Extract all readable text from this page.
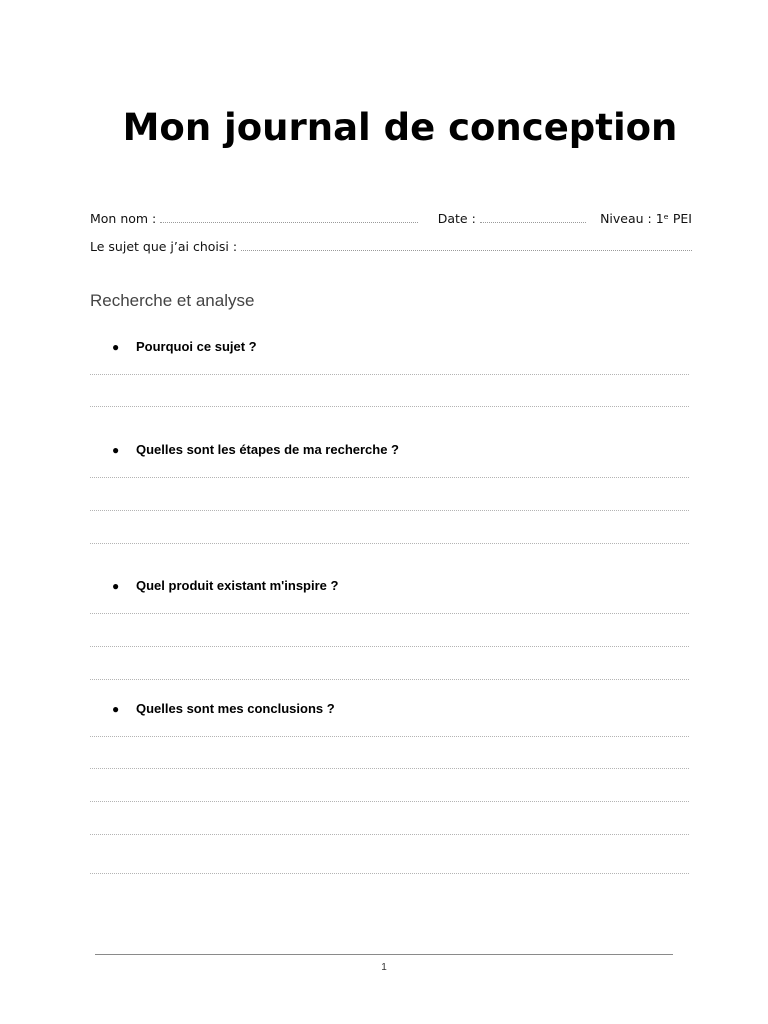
Mon journal de conception
Mon nom :	Date :	Niveau : 1ᵉ PEI
Le sujet que j’ai choisi :
Recherche et analyse
●	Pourquoi ce sujet ?
●	Quelles sont les étapes de ma recherche ?
●	Quel produit existant m'inspire ?
●	Quelles sont mes conclusions ?
1
